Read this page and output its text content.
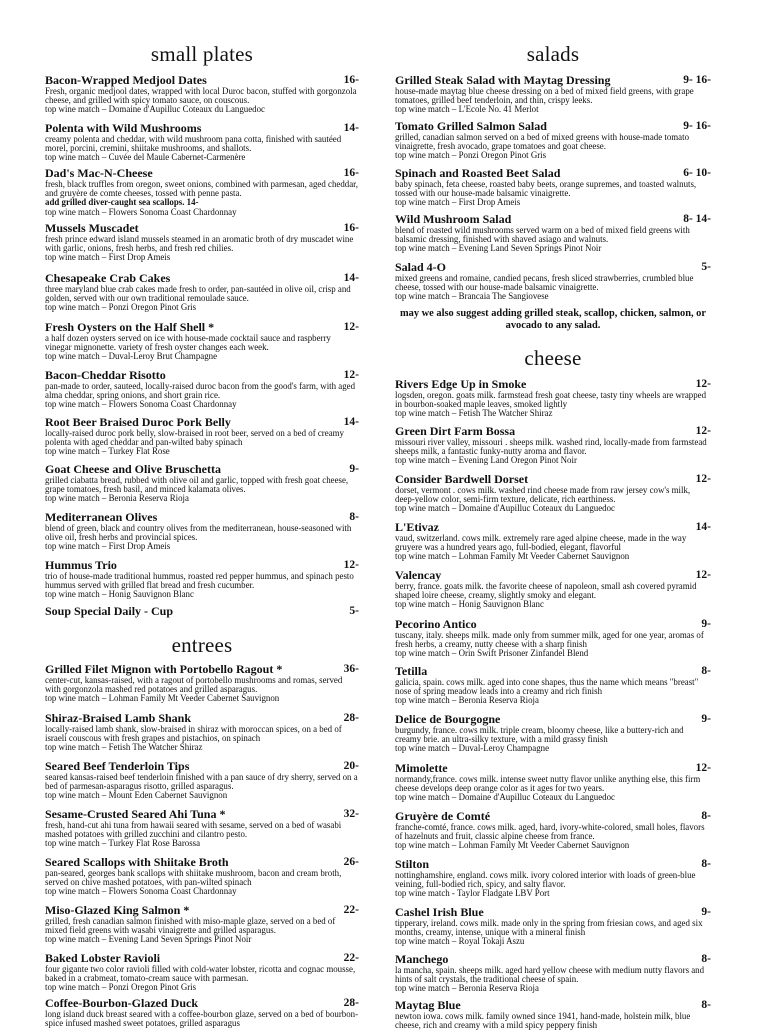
small plates
Bacon-Wrapped Medjool Dates	16-
Fresh, organic medjool dates, wrapped with local Duroc bacon, stuffed with gorgonzola cheese, and grilled with spicy tomato sauce, on couscous.
top wine match – Domaine d'Aupilluc Coteaux du Languedoc
Polenta with Wild Mushrooms	14-
creamy polenta and cheddar, with wild mushroom pana cotta, finished with sautéed morel, porcini, cremini, shiitake mushrooms, and shallots.
top wine match – Cuvée del Maule Cabernet-Carmenère
Dad's Mac-N-Cheese	16-
fresh, black truffles from oregon, sweet onions, combined with parmesan, aged cheddar, and gruyère de comte cheeses, tossed with penne pasta.
add grilled diver-caught sea scallops. 14-
top wine match – Flowers Sonoma Coast Chardonnay
Mussels Muscadet	16-
fresh prince edward island mussels steamed in an aromatic broth of dry muscadet wine with garlic, onions, fresh herbs, and fresh red chilies.
top wine match – First Drop Ameis
Chesapeake Crab Cakes	14-
three maryland blue crab cakes made fresh to order, pan-sautéed in olive oil, crisp and golden, served with our own traditional remoulade sauce.
top wine match – Ponzi Oregon Pinot Gris
Fresh Oysters on the Half Shell *	12-
a half dozen oysters served on ice with house-made cocktail sauce and raspberry vinegar mignonette. variety of fresh oyster changes each week.
top wine match – Duval-Leroy Brut Champagne
Bacon-Cheddar Risotto	12-
pan-made to order, sauteed, locally-raised duroc bacon from the good's farm, with aged alma cheddar, spring onions, and short grain rice.
top wine match – Flowers Sonoma Coast Chardonnay
Root Beer Braised Duroc Pork Belly	14-
locally-raised duroc pork belly, slow-braised in root beer, served on a bed of creamy polenta with aged cheddar and pan-wilted baby spinach
top wine match – Turkey Flat Rose
Goat Cheese and Olive Bruschetta	9-
grilled ciabatta bread, rubbed with olive oil and garlic, topped with fresh goat cheese, grape tomatoes, fresh basil, and minced kalamata olives.
top wine match – Beronia Reserva Rioja
Mediterranean Olives	8-
blend of green, black and country olives from the mediterranean, house-seasoned with olive oil, fresh herbs and provincial spices.
top wine match – First Drop Ameis
Hummus Trio	12-
trio of house-made traditional hummus, roasted red pepper hummus, and spinach pesto hummus served with grilled flat bread and fresh cucumber.
top wine match – Honig Sauvignon Blanc
Soup Special Daily - Cup	5-
entrees
Grilled Filet Mignon with Portobello Ragout *	36-
center-cut, kansas-raised, with a ragout of portobello mushrooms and romas, served with gorgonzola mashed red potatoes and grilled asparagus.
top wine match – Lohman Family Mt Veeder Cabernet Sauvignon
Shiraz-Braised Lamb Shank	28-
locally-raised lamb shank, slow-braised in shiraz with moroccan spices, on a bed of israeli couscous with fresh grapes and pistachios, on spinach
top wine match – Fetish The Watcher Shiraz
Seared Beef Tenderloin Tips	20-
seared kansas-raised beef tenderloin finished with a pan sauce of dry sherry, served on a bed of parmesan-asparagus risotto, grilled asparagus.
top wine match – Mount Eden Cabernet Sauvignon
Sesame-Crusted Seared Ahi Tuna *	32-
fresh, hand-cut ahi tuna from hawaii seared with sesame, served on a bed of wasabi mashed potatoes with grilled zucchini and cilantro pesto.
top wine match – Turkey Flat Rose Barossa
Seared Scallops with Shiitake Broth	26-
pan-seared, georges bank scallops with shiitake mushroom, bacon and cream broth, served on chive mashed potatoes, with pan-wilted spinach
top wine match – Flowers Sonoma Coast Chardonnay
Miso-Glazed King Salmon *	22-
grilled, fresh canadian salmon finished with miso-maple glaze, served on a bed of mixed field greens with wasabi vinaigrette and grilled asparagus.
top wine match – Evening Land Seven Springs Pinot Noir
Baked Lobster Ravioli	22-
four gigante two color ravioli filled with cold-water lobster, ricotta and cognac mousse, baked in a crabmeat, tomato-cream sauce with parmesan.
top wine match – Ponzi Oregon Pinot Gris
Coffee-Bourbon-Glazed Duck	28-
long island duck breast seared with a coffee-bourbon glaze, served on a bed of bourbon-spice infused mashed sweet potatoes, grilled asparagus
salads
Grilled Steak Salad with Maytag Dressing	9- 16-
house-made maytag blue cheese dressing on a bed of mixed field greens, with grape tomatoes, grilled beef tenderloin, and thin, crispy leeks.
top wine match – L'Ecole No. 41 Merlot
Tomato Grilled Salmon Salad	9- 16-
grilled, canadian salmon served on a bed of mixed greens with house-made tomato vinaigrette, fresh avocado, grape tomatoes and goat cheese.
top wine match – Ponzi Oregon Pinot Gris
Spinach and Roasted Beet Salad	6- 10-
baby spinach, feta cheese, roasted baby beets, orange supremes, and toasted walnuts, tossed with our house-made balsamic vinaigrette.
top wine match – First Drop Ameis
Wild Mushroom Salad	8- 14-
blend of roasted wild mushrooms served warm on a bed of mixed field greens with balsamic dressing, finished with shaved asiago and walnuts.
top wine match – Evening Land Seven Springs Pinot Noir
Salad 4-O	5-
mixed greens and romaine, candied pecans, fresh sliced strawberries, crumbled blue cheese, tossed with our house-made balsamic vinaigrette.
top wine match – Brancaia The Sangiovese
may we also suggest adding grilled steak, scallop, chicken, salmon, or avocado to any salad.
cheese
Rivers Edge Up in Smoke	12-
logsden, oregon. goats milk. farmstead fresh goat cheese, tasty tiny wheels are wrapped in bourbon-soaked maple leaves, smoked lightly
top wine match – Fetish The Watcher Shiraz
Green Dirt Farm Bossa	12-
missouri river valley, missouri . sheeps milk. washed rind, locally-made from farmstead sheeps milk, a fantastic funky-nutty aroma and flavor.
top wine match – Evening Land Oregon Pinot Noir
Consider Bardwell Dorset	12-
dorset, vermont . cows milk. washed rind cheese made from raw jersey cow's milk, deep-yellow color, semi-firm texture, delicate, rich earthiness.
top wine match – Domaine d'Aupilluc Coteaux du Languedoc
L'Etivaz	14-
vaud, switzerland. cows milk. extremely rare aged alpine cheese, made in the way gruyere was a hundred years ago, full-bodied, elegant, flavorful
top wine match – Lohman Family Mt Veeder Cabernet Sauvignon
Valencay	12-
berry, france. goats milk. the favorite cheese of napoleon, small ash covered pyramid shaped loire cheese, creamy, slightly smoky and elegant.
top wine match – Honig Sauvignon Blanc
Pecorino Antico	9-
tuscany, italy. sheeps milk. made only from summer milk, aged for one year, aromas of fresh herbs, a creamy, nutty cheese with a sharp finish
top wine match – Orin Swift Prisoner Zinfandel Blend
Tetilla	8-
galicia, spain. cows milk. aged into cone shapes, thus the name which means "breast" nose of spring meadow leads into a creamy and rich finish
top wine match – Beronia Reserva Rioja
Delice de Bourgogne	9-
burgundy, france. cows milk. triple cream, bloomy cheese, like a buttery-rich and creamy brie. an ultra-silky texture, with a mild grassy finish
top wine match – Duval-Leroy Champagne
Mimolette	12-
normandy,france. cows milk. intense sweet nutty flavor unlike anything else, this firm cheese develops deep orange color as it ages for two years.
top wine match – Domaine d'Aupilluc Coteaux du Languedoc
Gruyère de Comté	8-
franche-comté, france. cows milk. aged, hard, ivory-white-colored, small holes, flavors of hazelnuts and fruit, classic alpine cheese from france.
top wine match – Lohman Family Mt Veeder Cabernet Sauvignon
Stilton	8-
nottinghamshire, england. cows milk. ivory colored interior with loads of green-blue veining, full-bodied rich, spicy, and salty flavor.
top wine match - Taylor Fladgate LBV Port
Cashel Irish Blue	9-
tipperary, ireland. cows milk. made only in the spring from friesian cows, and aged six months, creamy, intense, unique with a mineral finish
top wine match – Royal Tokaji Aszu
Manchego	8-
la mancha, spain. sheeps milk. aged hard yellow cheese with medium nutty flavors and hints of salt crystals, the traditional cheese of spain.
top wine match – Beronia Reserva Rioja
Maytag Blue	8-
newton iowa. cows milk. family owned since 1941, hand-made, holstein milk, blue cheese, rich and creamy with a mild spicy peppery finish
